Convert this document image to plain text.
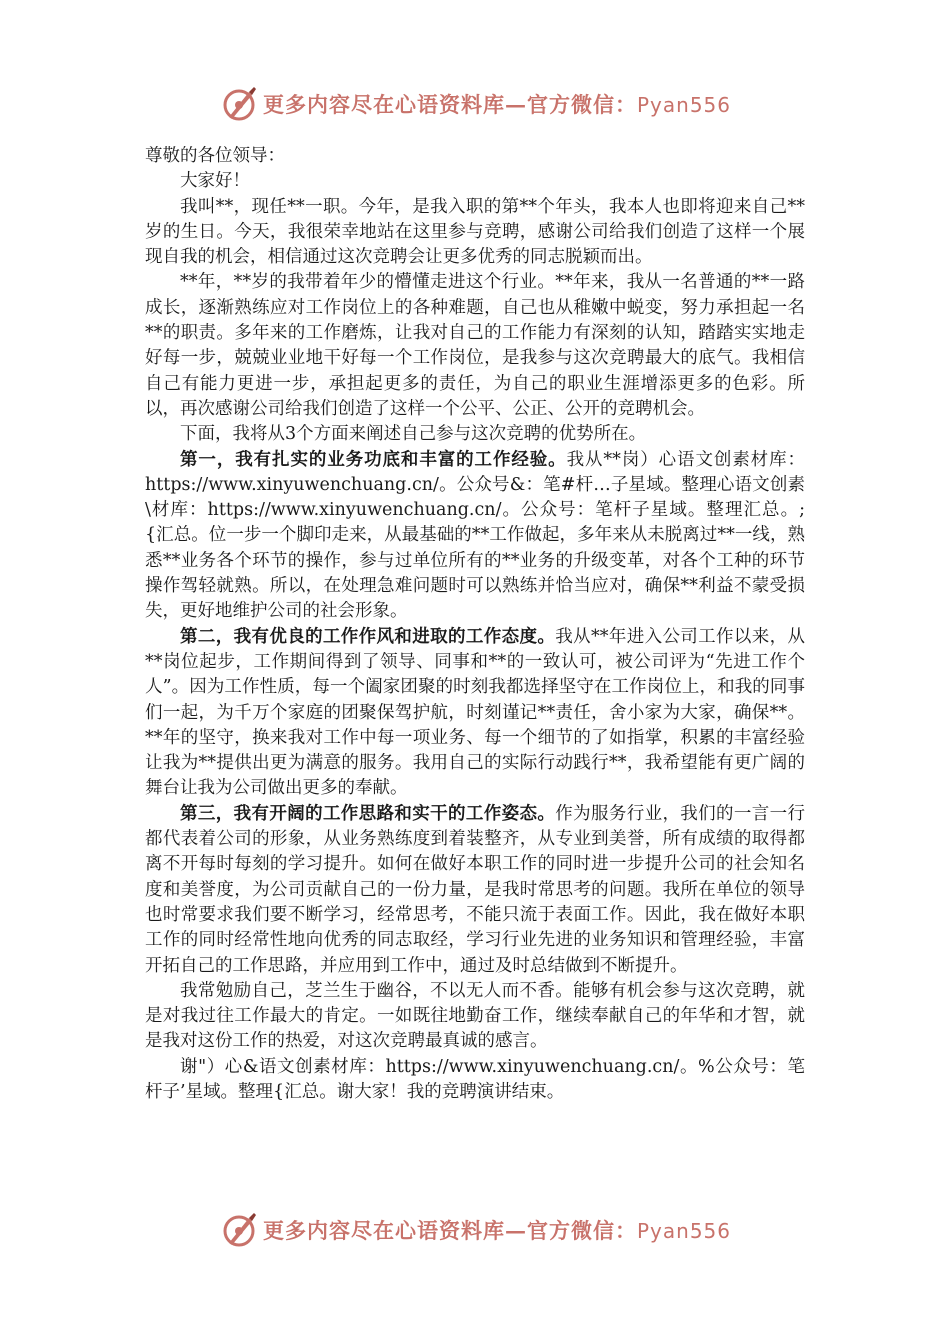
更多内容尽在心语资料库—官方微信：Pyan556

尊敬的各位领导：

大家好！

我叫**，现任**一职。今年，是我入职的第**个年头，我本人也即将迎来自己**岁的生日。今天，我很荣幸地站在这里参与竞聘，感谢公司给我们创造了这样一个展现自我的机会，相信通过这次竞聘会让更多优秀的同志脱颖而出。

**年，**岁的我带着年少的懵懂走进这个行业。**年来，我从一名普通的**一路成长，逐渐熟练应对工作岗位上的各种难题，自己也从稚嫩中蜕变，努力承担起一名**的职责。多年来的工作磨炼，让我对自己的工作能力有深刻的认知，踏踏实实地走好每一步，兢兢业业地干好每一个工作岗位，是我参与这次竞聘最大的底气。我相信自己有能力更进一步，承担起更多的责任，为自己的职业生涯增添更多的色彩。所以，再次感谢公司给我们创造了这样一个公平、公正、公开的竞聘机会。

下面，我将从3个方面来阐述自己参与这次竞聘的优势所在。

第一，我有扎实的业务功底和丰富的工作经验。我从**岗）心语文创素材库：https://www.xinyuwenchuang.cn/。公众号&：笔#杆…子星域。整理心语文创素\材库：https://www.xinyuwenchuang.cn/。公众号：笔杆子星域。整理汇总。;{汇总。位一步一个脚印走来，从最基础的**工作做起，多年来从未脱离过**一线，熟悉**业务各个环节的操作，参与过单位所有的**业务的升级变革，对各个工种的环节操作驾轻就熟。所以，在处理急难问题时可以熟练并恰当应对，确保**利益不蒙受损失，更好地维护公司的社会形象。

第二，我有优良的工作作风和进取的工作态度。我从**年进入公司工作以来，从**岗位起步，工作期间得到了领导、同事和**的一致认可，被公司评为“先进工作个人”。因为工作性质，每一个阖家团聚的时刻我都选择坚守在工作岗位上，和我的同事们一起，为千万个家庭的团聚保驾护航，时刻谨记**责任，舍小家为大家，确保**。**年的坚守，换来我对工作中每一项业务、每一个细节的了如指掌，积累的丰富经验让我为**提供出更为满意的服务。我用自己的实际行动践行**，我希望能有更广阔的舞台让我为公司做出更多的奉献。

第三，我有开阔的工作思路和实干的工作姿态。作为服务行业，我们的一言一行都代表着公司的形象，从业务熟练度到着装整齐，从专业到美誉，所有成绩的取得都离不开每时每刻的学习提升。如何在做好本职工作的同时进一步提升公司的社会知名度和美誉度，为公司贡献自己的一份力量，是我时常思考的问题。我所在单位的领导也时常要求我们要不断学习，经常思考，不能只流于表面工作。因此，我在做好本职工作的同时经常性地向优秀的同志取经，学习行业先进的业务知识和管理经验，丰富开拓自己的工作思路，并应用到工作中，通过及时总结做到不断提升。

我常勉励自己，芝兰生于幽谷，不以无人而不香。能够有机会参与这次竞聘，就是对我过往工作最大的肯定。一如既往地勤奋工作，继续奉献自己的年华和才智，就是我对这份工作的热爱，对这次竞聘最真诚的感言。

谢"）心&语文创素材库：https://www.xinyuwenchuang.cn/。%公众号：笔杆子’星域。整理{汇总。谢大家！我的竞聘演讲结束。

更多内容尽在心语资料库—官方微信：Pyan556
